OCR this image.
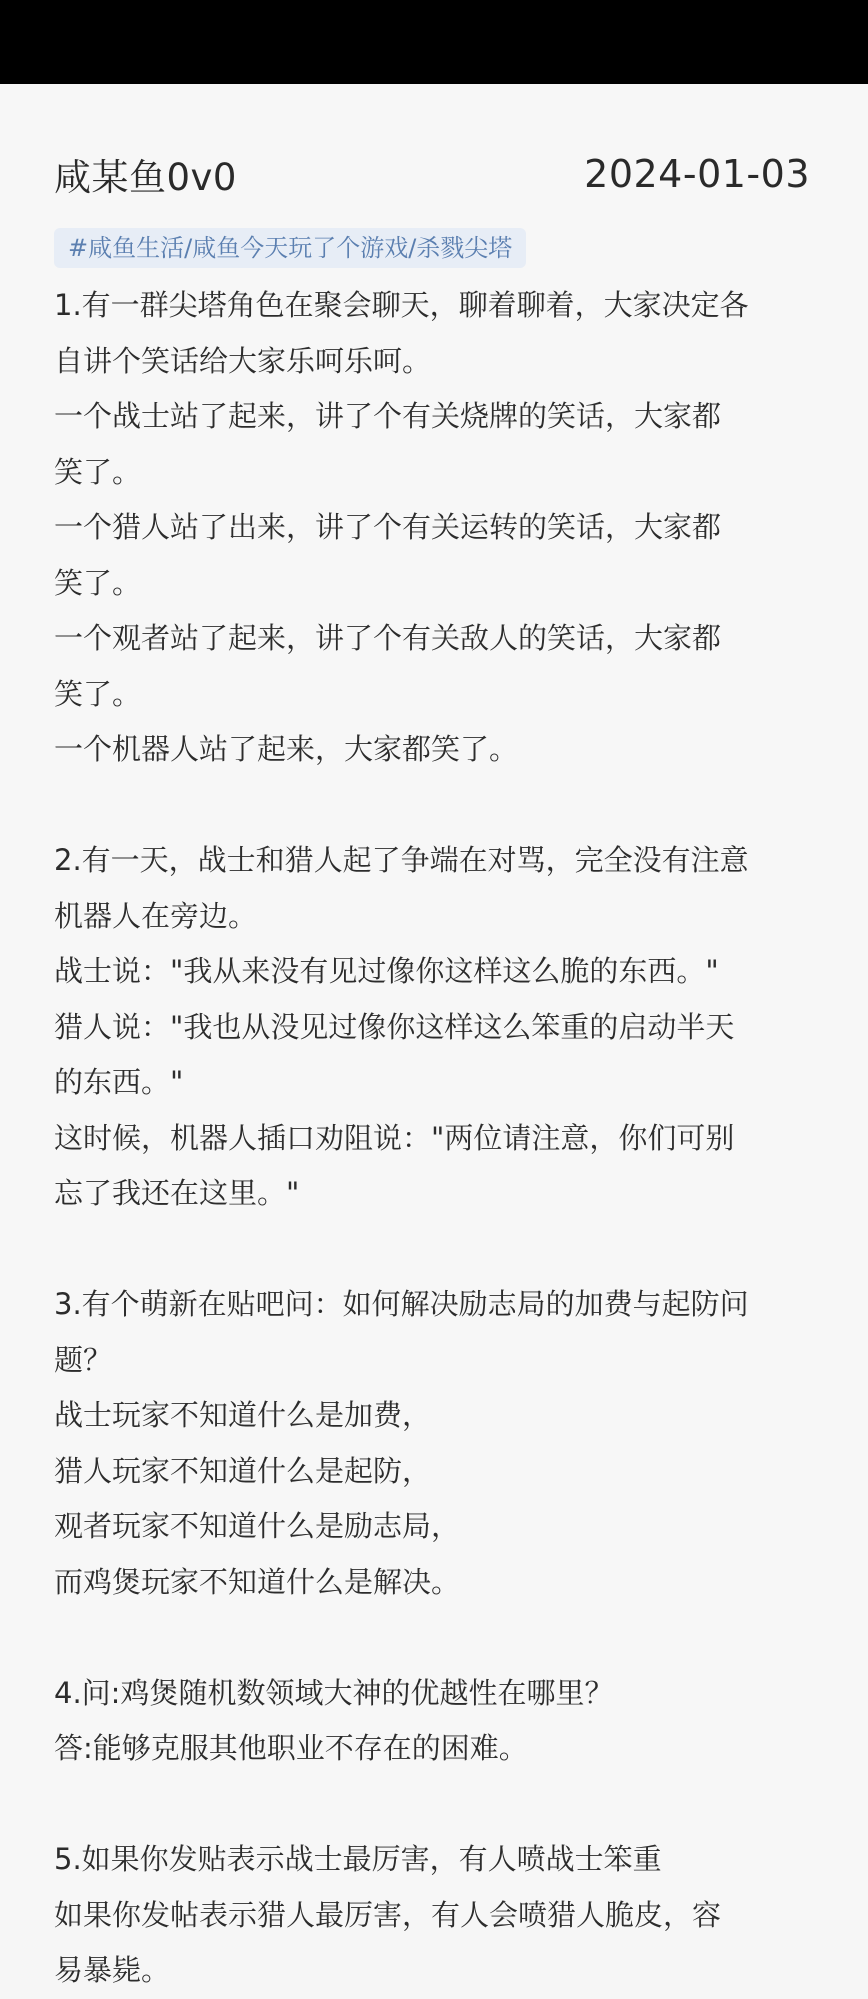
咸某鱼0v0	2024-01-03
#咸鱼生活/咸鱼今天玩了个游戏/杀戮尖塔
1.有一群尖塔角色在聚会聊天，聊着聊着，大家决定各
自讲个笑话给大家乐呵乐呵。
一个战士站了起来，讲了个有关烧牌的笑话，大家都
笑了。
一个猎人站了出来，讲了个有关运转的笑话，大家都
笑了。
一个观者站了起来，讲了个有关敌人的笑话，大家都
笑了。
一个机器人站了起来，大家都笑了。
2.有一天，战士和猎人起了争端在对骂，完全没有注意
机器人在旁边。
战士说："我从来没有见过像你这样这么脆的东西。"
猎人说："我也从没见过像你这样这么笨重的启动半天
的东西。"
这时候，机器人插口劝阻说："两位请注意，你们可别
忘了我还在这里。"
3.有个萌新在贴吧问：如何解决励志局的加费与起防问
题？
战士玩家不知道什么是加费，
猎人玩家不知道什么是起防，
观者玩家不知道什么是励志局，
而鸡煲玩家不知道什么是解决。
4.问:鸡煲随机数领域大神的优越性在哪里？
答:能够克服其他职业不存在的困难。
5.如果你发贴表示战士最厉害，有人喷战士笨重
如果你发帖表示猎人最厉害，有人会喷猎人脆皮，容
易暴毙。
